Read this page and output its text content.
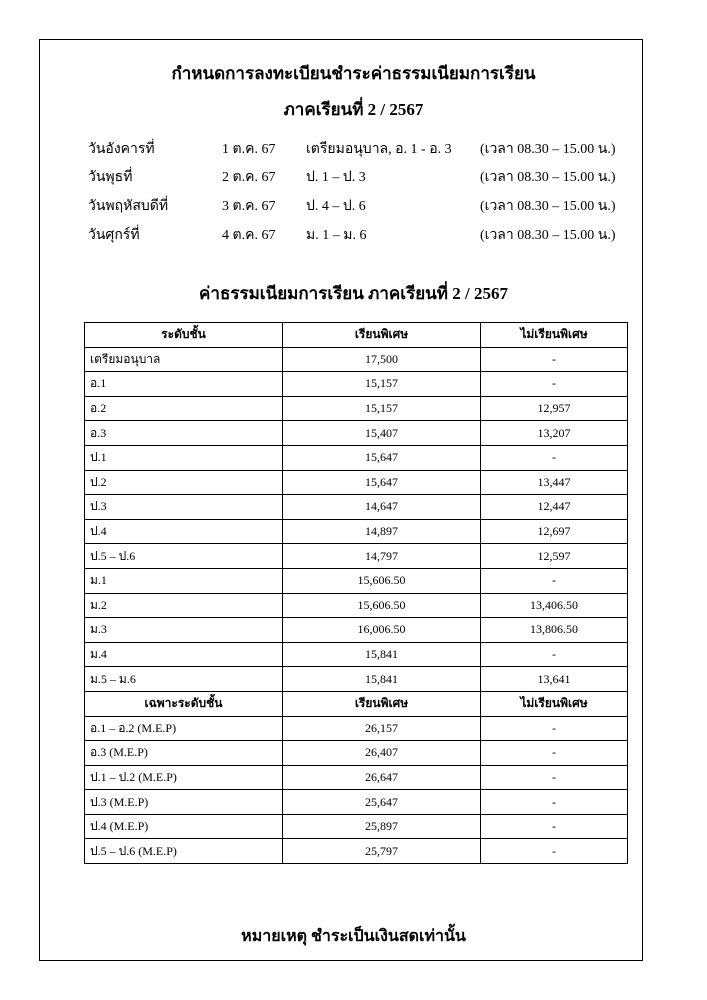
กำหนดการลงทะเบียนชำระค่าธรรมเนียมการเรียน
ภาคเรียนที่ 2 / 2567
วันอังคารที่	1 ต.ค. 67 เตรียมอนุบาล, อ. 1 - อ. 3 (เวลา 08.30 – 15.00 น.)
วันพุธที่	2 ต.ค. 67 ป. 1 – ป. 3	(เวลา 08.30 – 15.00 น.)
วันพฤหัสบดีที่	3 ต.ค. 67 ป. 4 – ป. 6	(เวลา 08.30 – 15.00 น.)
วันศุกร์ที่	4 ต.ค. 67 ม. 1 – ม. 6	(เวลา 08.30 – 15.00 น.)
ค่าธรรมเนียมการเรียน ภาคเรียนที่ 2 / 2567
ระดับชั้น	เรียนพิเศษ	ไม่เรียนพิเศษ
เตรียมอนุบาล	17,500	-
อ.1	15,157	-
อ.2	15,157	12,957
อ.3	15,407	13,207
ป.1	15,647	-
ป.2	15,647	13,447
ป.3	14,647	12,447
ป.4	14,897	12,697
ป.5 – ป.6	14,797	12,597
ม.1	15,606.50	-
ม.2	15,606.50	13,406.50
ม.3	16,006.50	13,806.50
ม.4	15,841	-
ม.5 – ม.6	15,841	13,641
เฉพาะระดับชั้น	เรียนพิเศษ	ไม่เรียนพิเศษ
อ.1 – อ.2 (M.E.P)	26,157	-
อ.3 (M.E.P)	26,407	-
ป.1 – ป.2 (M.E.P)	26,647	-
ป.3 (M.E.P)	25,647	-
ป.4 (M.E.P)	25,897	-
ป.5 – ป.6 (M.E.P)	25,797	-
หมายเหตุ ชำระเป็นเงินสดเท่านั้น
